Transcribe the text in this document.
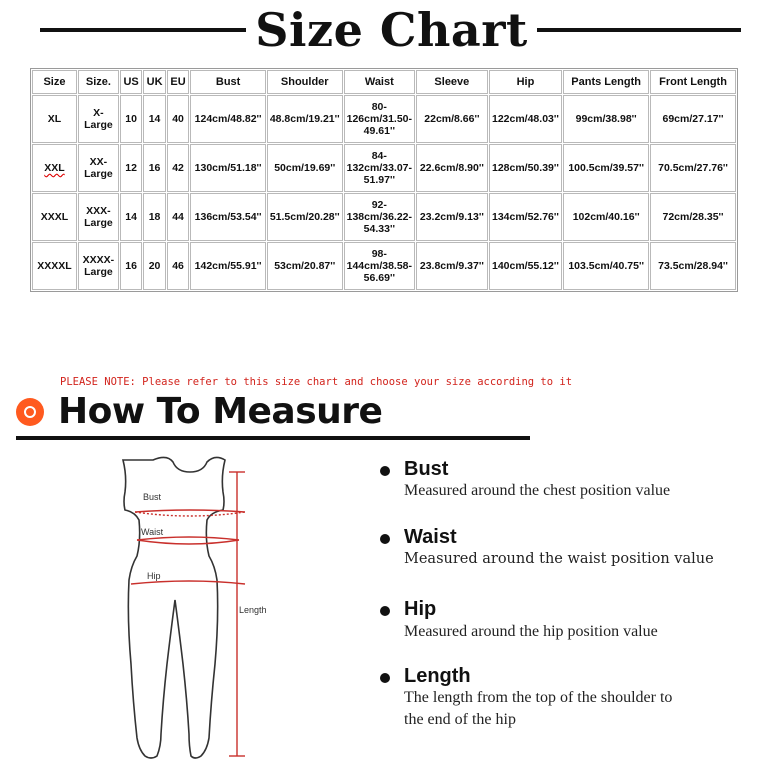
Size Chart
Size	Size.	US	UK	EU	Bust	Shoulder	Waist	Sleeve	Hip	Pants Length	Front Length
XL	X-
Large	10	14	40	124cm/48.82''	48.8cm/19.21''	80-
126cm/31.50-
49.61''	22cm/8.66''	122cm/48.03''	99cm/38.98''	69cm/27.17''
XXL	XX-
Large	12	16	42	130cm/51.18''	50cm/19.69''	84-
132cm/33.07-
51.97''	22.6cm/8.90''	128cm/50.39''	100.5cm/39.57''	70.5cm/27.76''
XXXL	XXX-
Large	14	18	44	136cm/53.54''	51.5cm/20.28''	92-
138cm/36.22-
54.33''	23.2cm/9.13''	134cm/52.76''	102cm/40.16''	72cm/28.35''
XXXXL	XXXX-
Large	16	20	46	142cm/55.91''	53cm/20.87''	98-
144cm/38.58-
56.69''	23.8cm/9.37''	140cm/55.12''	103.5cm/40.75''	73.5cm/28.94''
PLEASE NOTE: Please refer to this size chart and choose your size according to it
How To Measure
Bust
Waist
Hip
Length
Bust
Measured around the chest position value
Waist
Measured around the waist position value
Hip
Measured around the hip position value
Length
The length from the top of the shoulder to
the end of the hip
